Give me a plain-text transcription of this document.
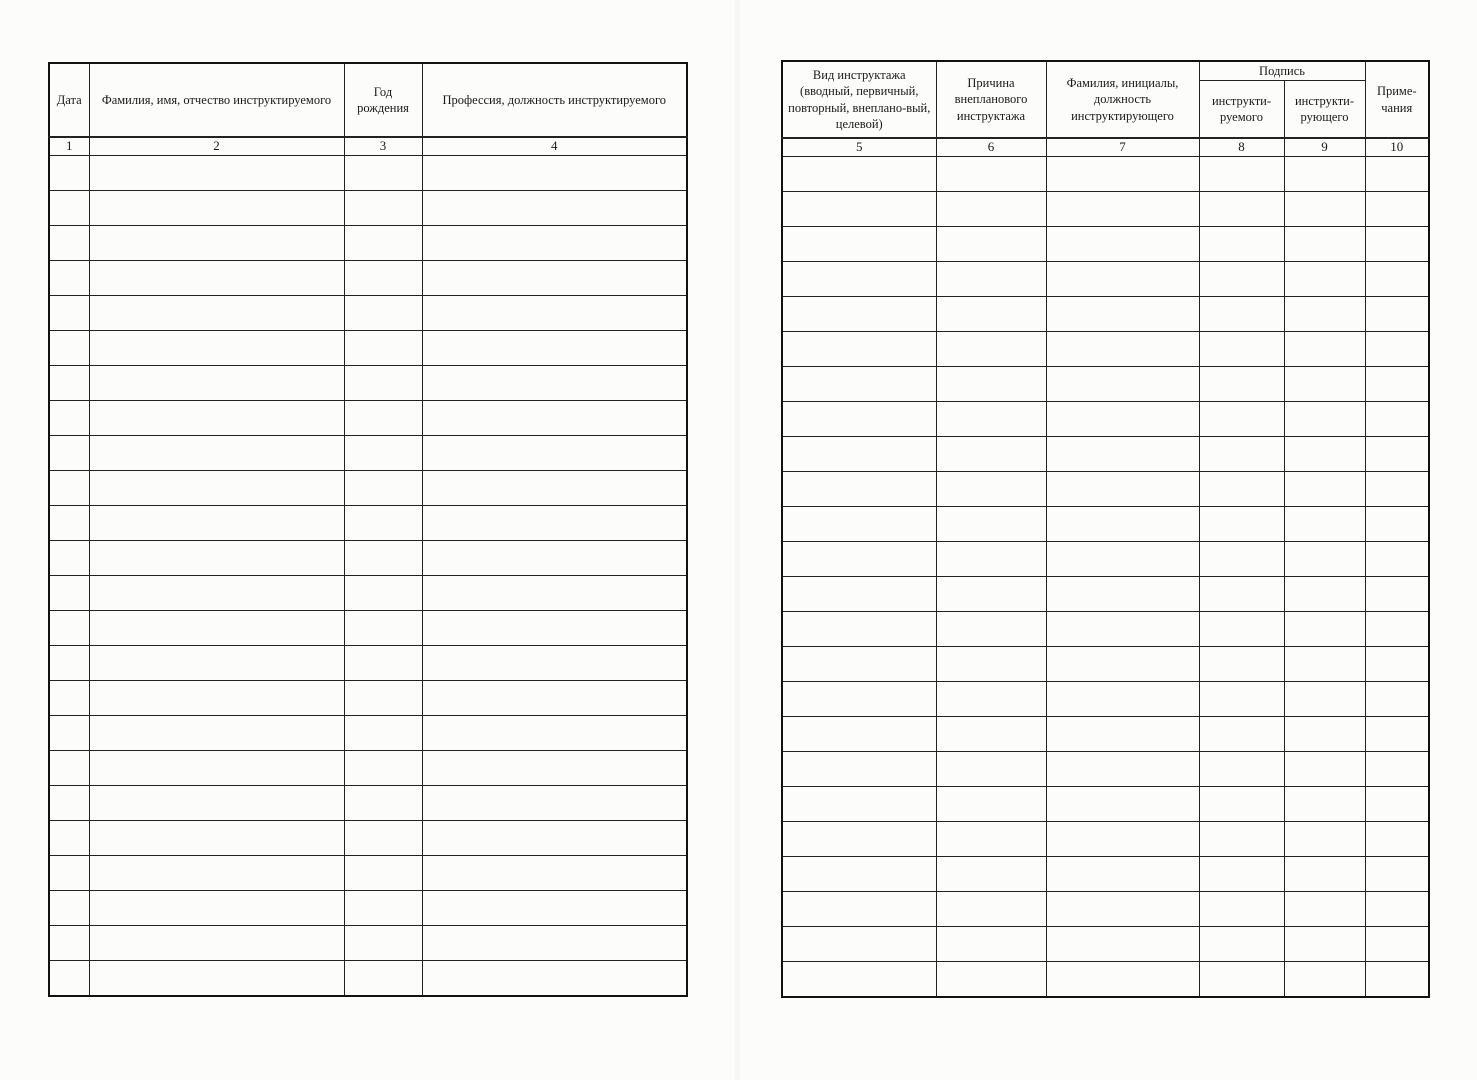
Дата	Фамилия, имя, отчество инструктируемого	Год рождения	Профессия, должность инструктируемого

1	2	3	4

Вид инструктажа (вводный, первичный, повторный, внеплано-вый, целевой)	Причина внепланового инструктажа	Фамилия, инициалы, должность инструктирующего	Подпись		Приме-чания

			инструкти-руемого	инструкти-рующего	

5	6	7	8	9	10
